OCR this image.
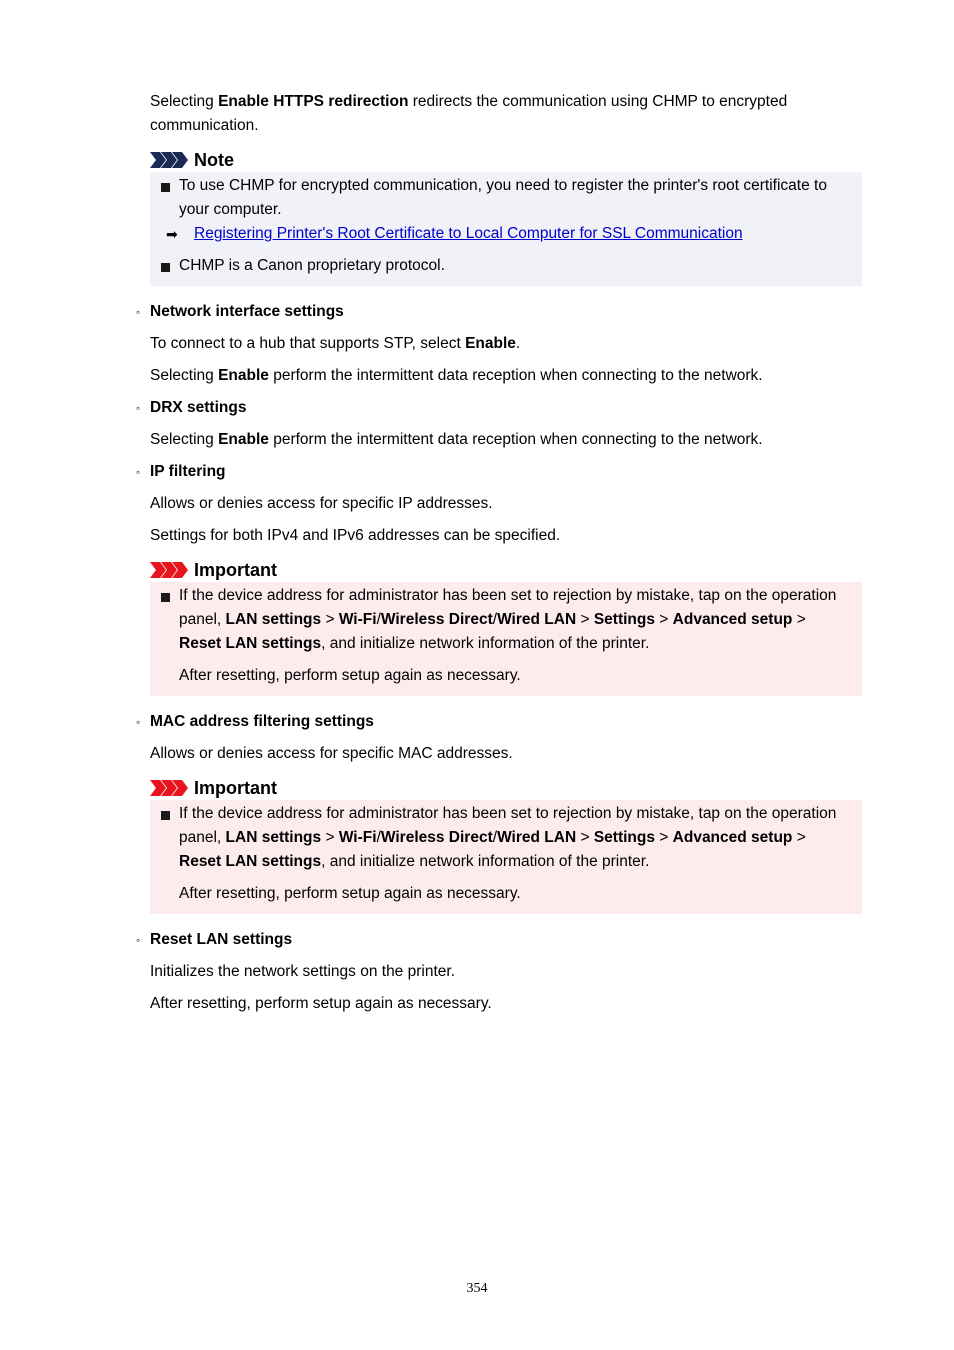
Selecting Enable HTTPS redirection redirects the communication using CHMP to encrypted communication.

Note
To use CHMP for encrypted communication, you need to register the printer's root certificate to your computer.
➡ Registering Printer's Root Certificate to Local Computer for SSL Communication
CHMP is a Canon proprietary protocol.
◦ Network interface settings
To connect to a hub that supports STP, select Enable.
Selecting Enable perform the intermittent data reception when connecting to the network.
◦ DRX settings
Selecting Enable perform the intermittent data reception when connecting to the network.
◦ IP filtering
Allows or denies access for specific IP addresses.
Settings for both IPv4 and IPv6 addresses can be specified.
Important
If the device address for administrator has been set to rejection by mistake, tap on the operation panel, LAN settings > Wi-Fi/Wireless Direct/Wired LAN > Settings > Advanced setup > Reset LAN settings, and initialize network information of the printer.
After resetting, perform setup again as necessary.
◦ MAC address filtering settings
Allows or denies access for specific MAC addresses.
Important
If the device address for administrator has been set to rejection by mistake, tap on the operation panel, LAN settings > Wi-Fi/Wireless Direct/Wired LAN > Settings > Advanced setup > Reset LAN settings, and initialize network information of the printer.
After resetting, perform setup again as necessary.
◦ Reset LAN settings
Initializes the network settings on the printer.
After resetting, perform setup again as necessary.
354
